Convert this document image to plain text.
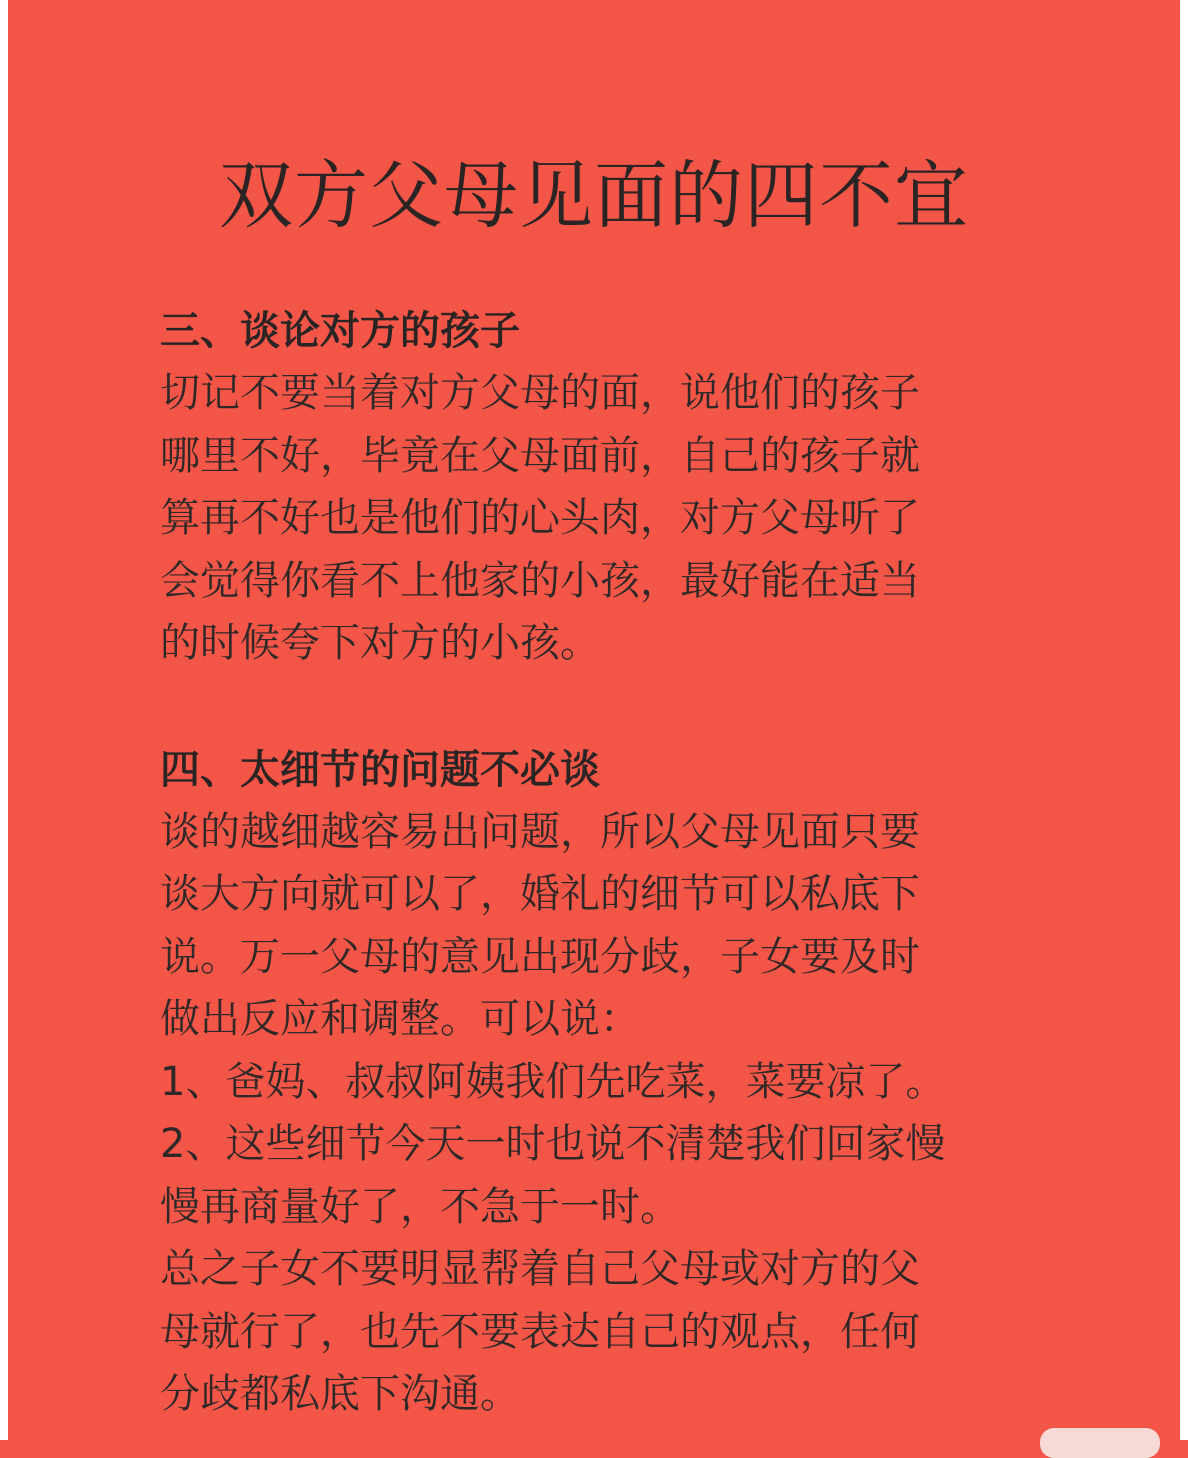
双方父母见面的四不宜

三、谈论对方的孩子

切记不要当着对方父母的面，说他们的孩子

哪里不好，毕竟在父母面前，自己的孩子就

算再不好也是他们的心头肉，对方父母听了

会觉得你看不上他家的小孩，最好能在适当

的时候夸下对方的小孩。

四、太细节的问题不必谈

谈的越细越容易出问题，所以父母见面只要

谈大方向就可以了，婚礼的细节可以私底下

说。万一父母的意见出现分歧，子女要及时

做出反应和调整。可以说：

1、爸妈、叔叔阿姨我们先吃菜，菜要凉了。

2、这些细节今天一时也说不清楚我们回家慢

慢再商量好了，不急于一时。

总之子女不要明显帮着自己父母或对方的父

母就行了，也先不要表达自己的观点，任何

分歧都私底下沟通。
